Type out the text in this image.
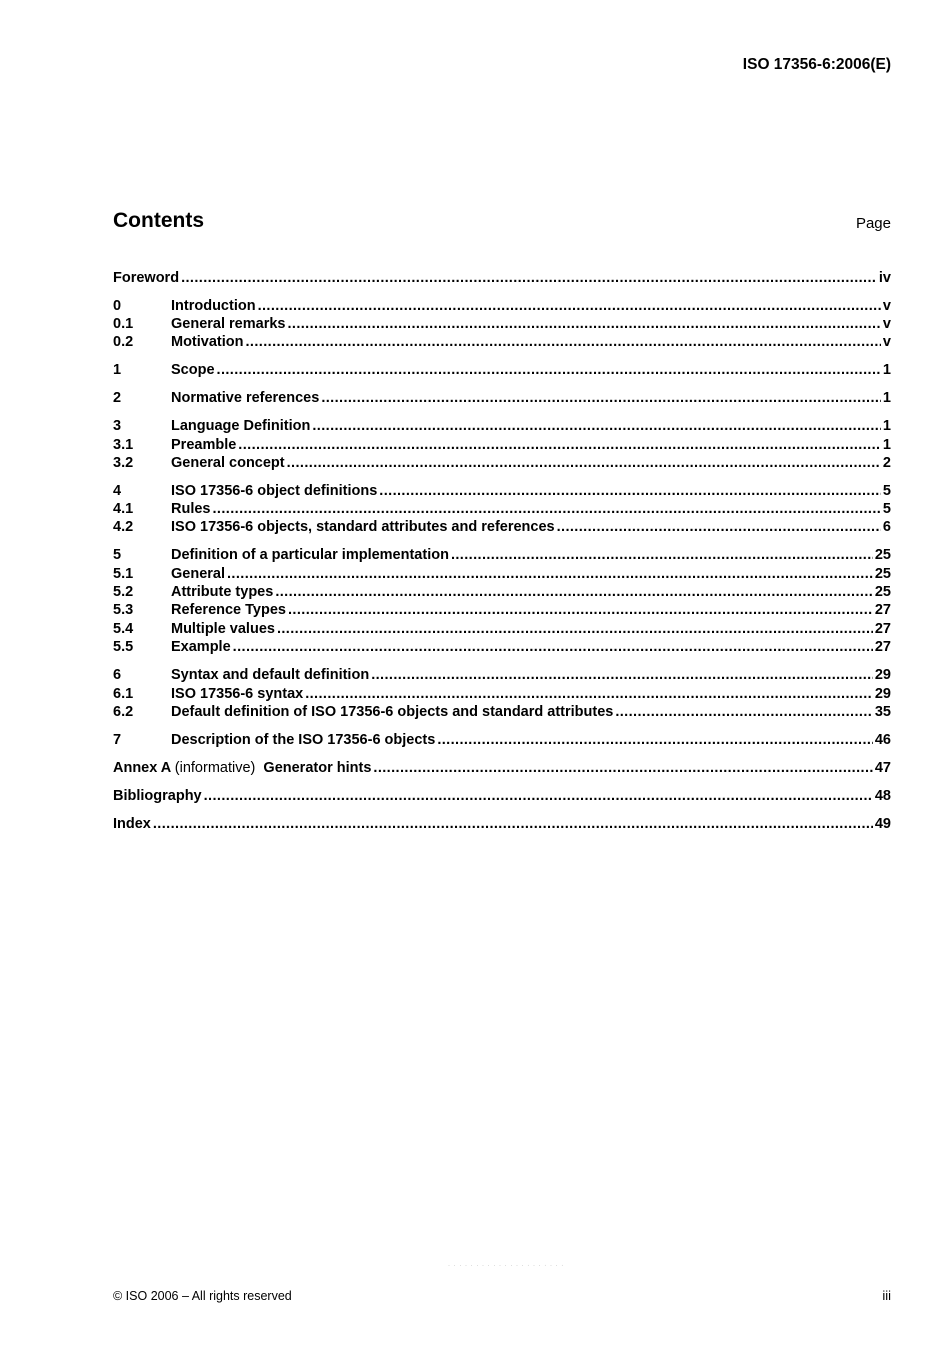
ISO 17356-6:2006(E)
Contents	Page
Foreword .....	iv
0	Introduction .....	v
0.1	General remarks .....	v
0.2	Motivation .....	v
1	Scope .....	1
2	Normative references .....	1
3	Language Definition .....	1
3.1	Preamble .....	1
3.2	General concept .....	2
4	ISO 17356-6 object definitions .....	5
4.1	Rules .....	5
4.2	ISO 17356-6 objects, standard attributes and references .....	6
5	Definition of a particular implementation .....	25
5.1	General .....	25
5.2	Attribute types .....	25
5.3	Reference Types .....	27
5.4	Multiple values .....	27
5.5	Example .....	27
6	Syntax and default definition .....	29
6.1	ISO 17356-6 syntax .....	29
6.2	Default definition of ISO 17356-6 objects and standard attributes .....	35
7	Description of the ISO 17356-6 objects .....	46
Annex A (informative) Generator hints .....	47
Bibliography .....	48
Index .....	49
· · · · · · · · · · · · · · · · · · · · ·
© ISO 2006 – All rights reserved	iii
